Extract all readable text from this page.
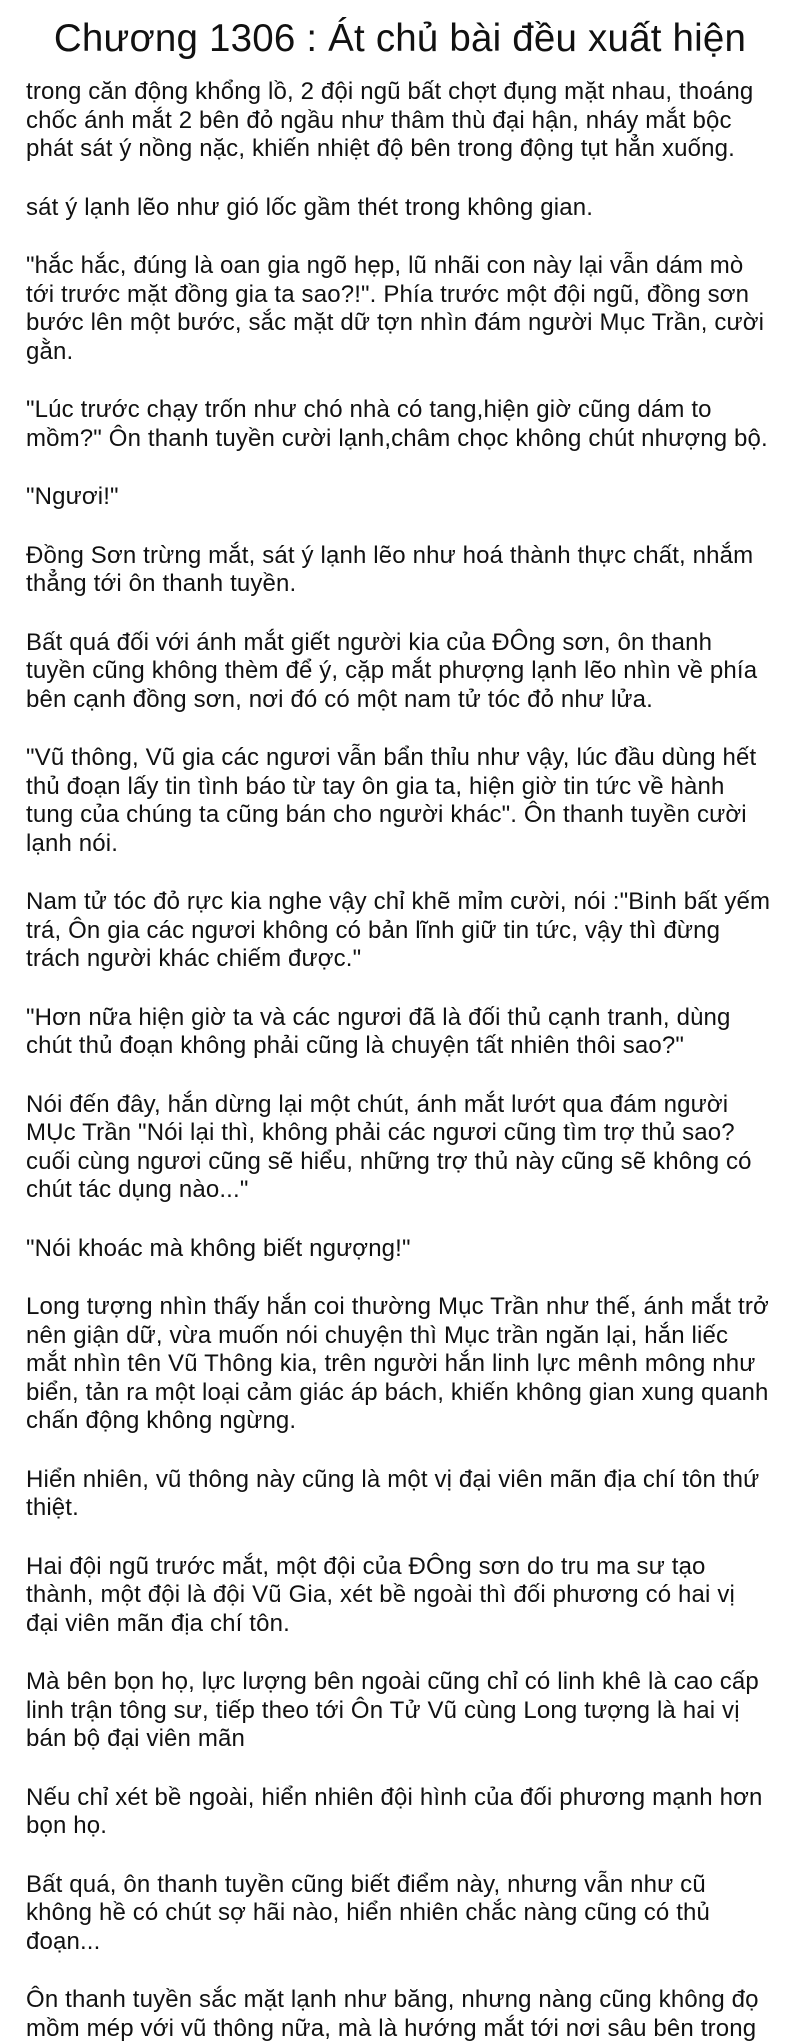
Chương 1306 : Át chủ bài đều xuất hiện

trong căn động khổng lồ, 2 đội ngũ bất chợt đụng mặt nhau, thoáng chốc ánh mắt 2 bên đỏ ngầu như thâm thù đại hận, nháy mắt bộc phát sát ý nồng nặc, khiến nhiệt độ bên trong động tụt hẳn xuống.

sát ý lạnh lẽo như gió lốc gầm thét trong không gian.

"hắc hắc, đúng là oan gia ngõ hẹp, lũ nhãi con này lại vẫn dám mò tới trước mặt đồng gia ta sao?!". Phía trước một đội ngũ, đồng sơn bước lên một bước, sắc mặt dữ tợn nhìn đám người Mục Trần, cười gằn.

"Lúc trước chạy trốn như chó nhà có tang,hiện giờ cũng dám to mồm?" Ôn thanh tuyền cười lạnh,châm chọc không chút nhượng bộ.

"Ngươi!"

Đồng Sơn trừng mắt, sát ý lạnh lẽo như hoá thành thực chất, nhắm thẳng tới ôn thanh tuyền.

Bất quá đối với ánh mắt giết người kia của ĐÔng sơn, ôn thanh tuyền cũng không thèm để ý, cặp mắt phượng lạnh lẽo nhìn về phía bên cạnh đồng sơn, nơi đó có một nam tử tóc đỏ như lửa.

"Vũ thông, Vũ gia các ngươi vẫn bẩn thỉu như vậy, lúc đầu dùng hết thủ đoạn lấy tin tình báo từ tay ôn gia ta, hiện giờ tin tức về hành tung của chúng ta cũng bán cho người khác". Ôn thanh tuyền cười lạnh nói.

Nam tử tóc đỏ rực kia nghe vậy chỉ khẽ mỉm cười, nói :"Binh bất yếm trá, Ôn gia các ngươi không có bản lĩnh giữ tin tức, vậy thì đừng trách người khác chiếm được."

"Hơn nữa hiện giờ ta và các ngươi đã là đối thủ cạnh tranh, dùng chút thủ đoạn không phải cũng là chuyện tất nhiên thôi sao?"

Nói đến đây, hắn dừng lại một chút, ánh mắt lướt qua đám người MỤc Trần "Nói lại thì, không phải các ngươi cũng tìm trợ thủ sao? cuối cùng ngươi cũng sẽ hiểu, những trợ thủ này cũng sẽ không có chút tác dụng nào..."

"Nói khoác mà không biết ngượng!"

Long tượng nhìn thấy hắn coi thường Mục Trần như thế, ánh mắt trở nên giận dữ, vừa muốn nói chuyện thì Mục trần ngăn lại, hắn liếc mắt nhìn tên Vũ Thông kia, trên người hắn linh lực mênh mông như biển, tản ra một loại cảm giác áp bách, khiến không gian xung quanh chấn động không ngừng.

Hiển nhiên, vũ thông này cũng là một vị đại viên mãn địa chí tôn thứ thiệt.

Hai đội ngũ trước mắt, một đội của ĐÔng sơn do tru ma sư tạo thành, một đội là đội Vũ Gia, xét bề ngoài thì đối phương có hai vị đại viên mãn địa chí tôn.

Mà bên bọn họ, lực lượng bên ngoài cũng chỉ có linh khê là cao cấp linh trận tông sư, tiếp theo tới Ôn Tử Vũ cùng Long tượng là hai vị bán bộ đại viên mãn

Nếu chỉ xét bề ngoài, hiển nhiên đội hình của đối phương mạnh hơn bọn họ.

Bất quá, ôn thanh tuyền cũng biết điểm này, nhưng vẫn như cũ không hề có chút sợ hãi nào, hiển nhiên chắc nàng cũng có thủ đoạn...

Ôn thanh tuyền sắc mặt lạnh như băng, nhưng nàng cũng không đọ mồm mép với vũ thông nữa, mà là hướng mắt tới nơi sâu bên trong
